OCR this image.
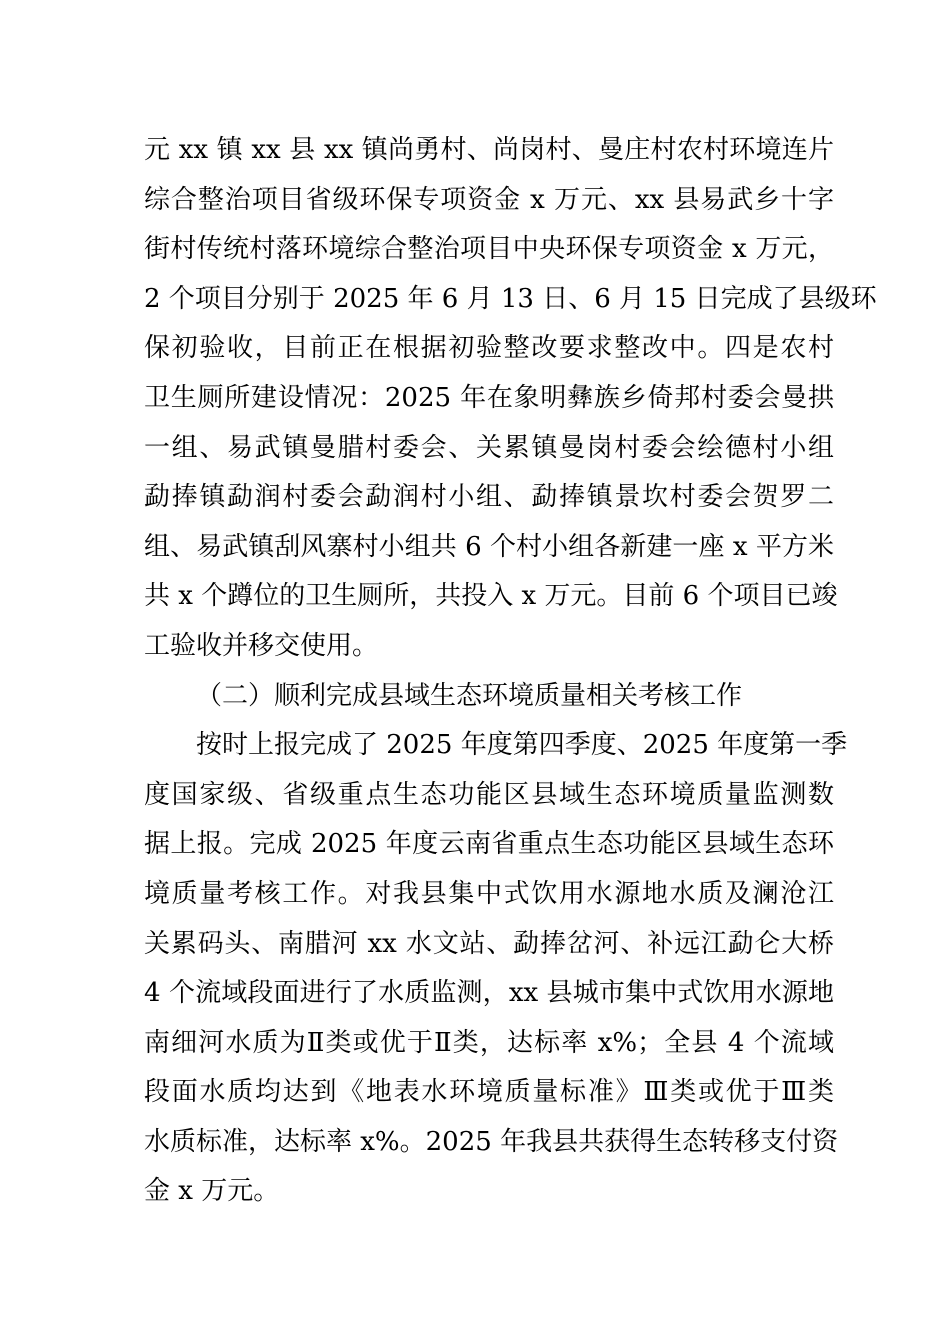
元 xx 镇 xx 县 xx 镇尚勇村、尚岗村、曼庄村农村环境连片
综合整治项目省级环保专项资金 x 万元、xx 县易武乡十字
街村传统村落环境综合整治项目中央环保专项资金 x 万元，
2 个项目分别于 2025 年 6 月 13 日、6 月 15 日完成了县级环
保初验收，目前正在根据初验整改要求整改中。四是农村
卫生厕所建设情况：2025 年在象明彝族乡倚邦村委会曼拱
一组、易武镇曼腊村委会、关累镇曼岗村委会绘德村小组
勐捧镇勐润村委会勐润村小组、勐捧镇景坎村委会贺罗二
组、易武镇刮风寨村小组共 6 个村小组各新建一座 x 平方米
共 x 个蹲位的卫生厕所，共投入 x 万元。目前 6 个项目已竣
工验收并移交使用。
（二）顺利完成县域生态环境质量相关考核工作
按时上报完成了 2025 年度第四季度、2025 年度第一季
度国家级、省级重点生态功能区县域生态环境质量监测数
据上报。完成 2025 年度云南省重点生态功能区县域生态环
境质量考核工作。对我县集中式饮用水源地水质及澜沧江
关累码头、南腊河 xx 水文站、勐捧岔河、补远江勐仑大桥
4 个流域段面进行了水质监测，xx 县城市集中式饮用水源地
南细河水质为Ⅱ类或优于Ⅱ类，达标率 x%；全县 4 个流域
段面水质均达到《地表水环境质量标准》Ⅲ类或优于Ⅲ类
水质标准，达标率 x%。2025 年我县共获得生态转移支付资
金 x 万元。
